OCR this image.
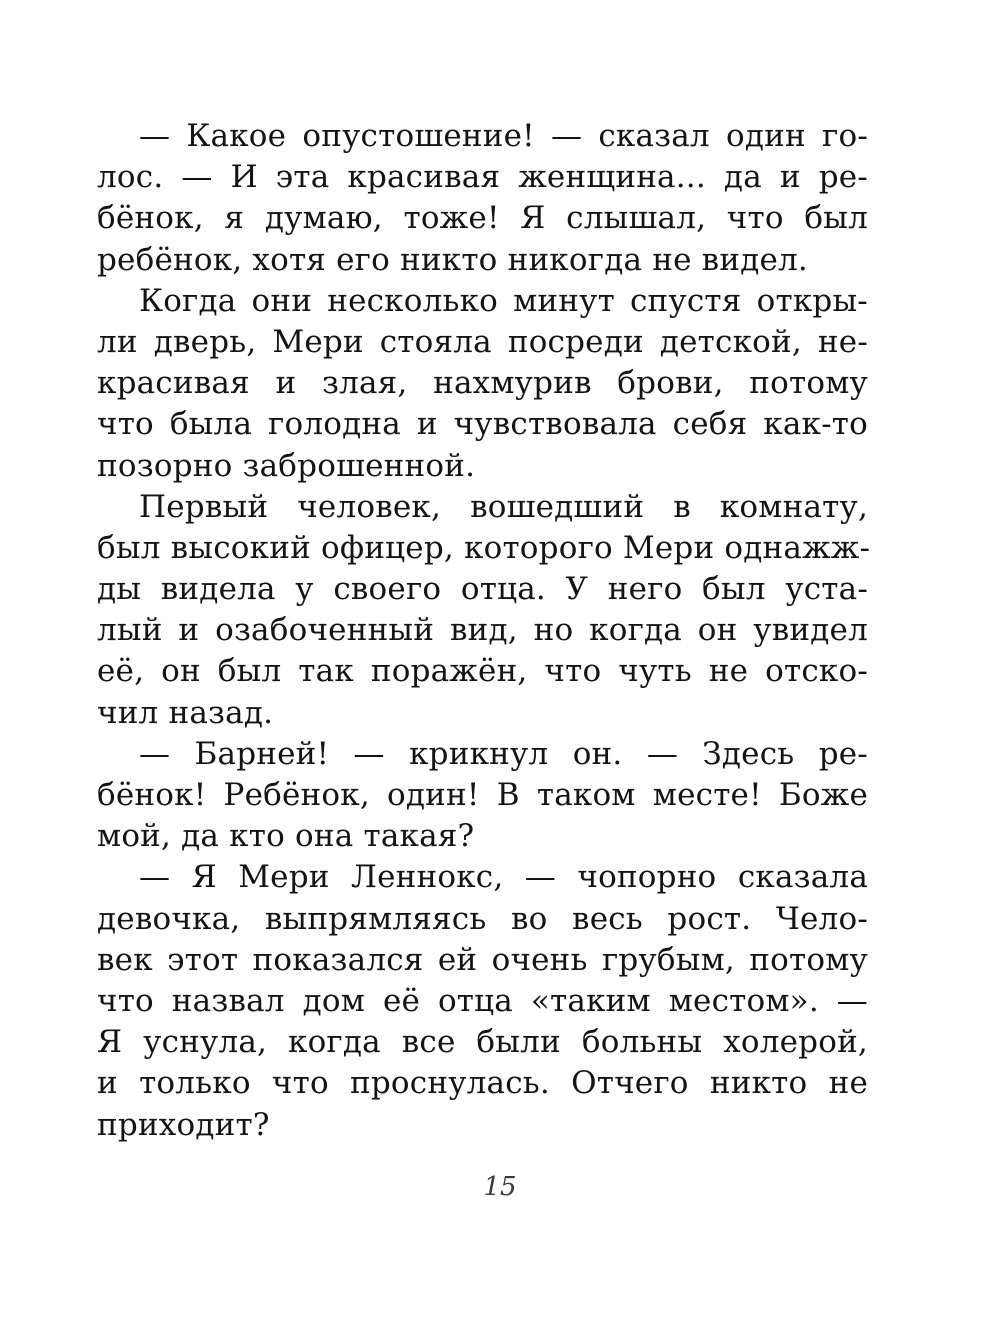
— Какое опустошение! — сказал один го-
лос. — И эта красивая женщина... да и ре-
бёнок, я думаю, тоже! Я слышал, что был
ребёнок, хотя его никто никогда не видел.
Когда они несколько минут спустя откры-
ли дверь, Мери стояла посреди детской, не-
красивая и злая, нахмурив брови, потому
что была голодна и чувствовала себя как-то
позорно заброшенной.
Первый человек, вошедший в комнату,
был высокий офицер, которого Мери однажж-
ды видела у своего отца. У него был уста-
лый и озабоченный вид, но когда он увидел
её, он был так поражён, что чуть не отско-
чил назад.
— Барней! — крикнул он. — Здесь ре-
бёнок! Ребёнок, один! В таком месте! Боже
мой, да кто она такая?
— Я Мери Леннокс, — чопорно сказала
девочка, выпрямляясь во весь рост. Чело-
век этот показался ей очень грубым, потому
что назвал дом её отца «таким местом». —
Я уснула, когда все были больны холерой,
и только что проснулась. Отчего никто не
приходит?
15
